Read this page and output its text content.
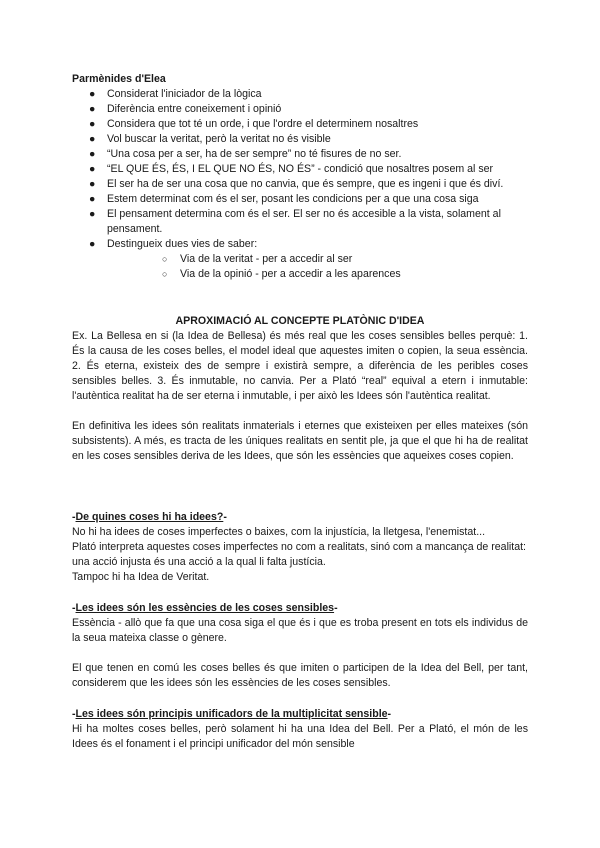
Parmènides d'Elea
● Considerat l'iniciador de la lògica
● Diferència entre coneixement i opinió
● Considera que tot té un orde, i que l'ordre el determinem nosaltres
● Vol buscar la veritat, però la veritat no és visible
● “Una cosa per a ser, ha de ser sempre” no té fisures de no ser.
● “EL QUE ÉS, ÉS, I EL QUE NO ÉS, NO ÉS” - condició que nosaltres posem al ser
● El ser ha de ser una cosa que no canvia, que és sempre, que es ingeni i que és diví.
● Estem determinat com és el ser, posant les condicions per a que una cosa siga
● El pensament determina com és el ser. El ser no és accesible a la vista, solament al pensament.
● Destingueix dues vies de saber:
○ Via de la veritat - per a accedir al ser
○ Via de la opinió - per a accedir a les aparences
APROXIMACIÓ AL CONCEPTE PLATÒNIC D'IDEA

Ex. La Bellesa en si (la Idea de Bellesa) és més real que les coses sensibles belles perquè: 1. És la causa de les coses belles, el model ideal que aquestes imiten o copien, la seua essència. 2. És eterna, existeix des de sempre i existirà sempre, a diferència de les peribles coses sensibles belles. 3. És inmutable, no canvia. Per a Plató “real” equival a etern i inmutable: l'autèntica realitat ha de ser eterna i inmutable, i per això les Idees són l'autèntica realitat.

En definitiva les idees són realitats inmaterials i eternes que existeixen per elles mateixes (són subsistents). A més, es tracta de les úniques realitats en sentit ple, ja que el que hi ha de realitat en les coses sensibles deriva de les Idees, que són les essències que aqueixes coses copien.

-De quines coses hi ha idees?-

No hi ha idees de coses imperfectes o baixes, com la injustícia, la lletgesa, l'enemistat...

Plató interpreta aquestes coses imperfectes no com a realitats, sinó com a mancança de realitat: una acció injusta és una acció a la qual li falta justícia.

Tampoc hi ha Idea de Veritat.

-Les idees són les essències de les coses sensibles-

Essència - allò que fa que una cosa siga el que és i que es troba present en tots els individus de la seua mateixa classe o gènere.

El que tenen en comú les coses belles és que imiten o participen de la Idea del Bell, per tant, considerem que les idees són les essències de les coses sensibles.

-Les idees són principis unificadors de la multiplicitat sensible-

Hi ha moltes coses belles, però solament hi ha una Idea del Bell. Per a Plató, el món de les Idees és el fonament i el principi unificador del món sensible
